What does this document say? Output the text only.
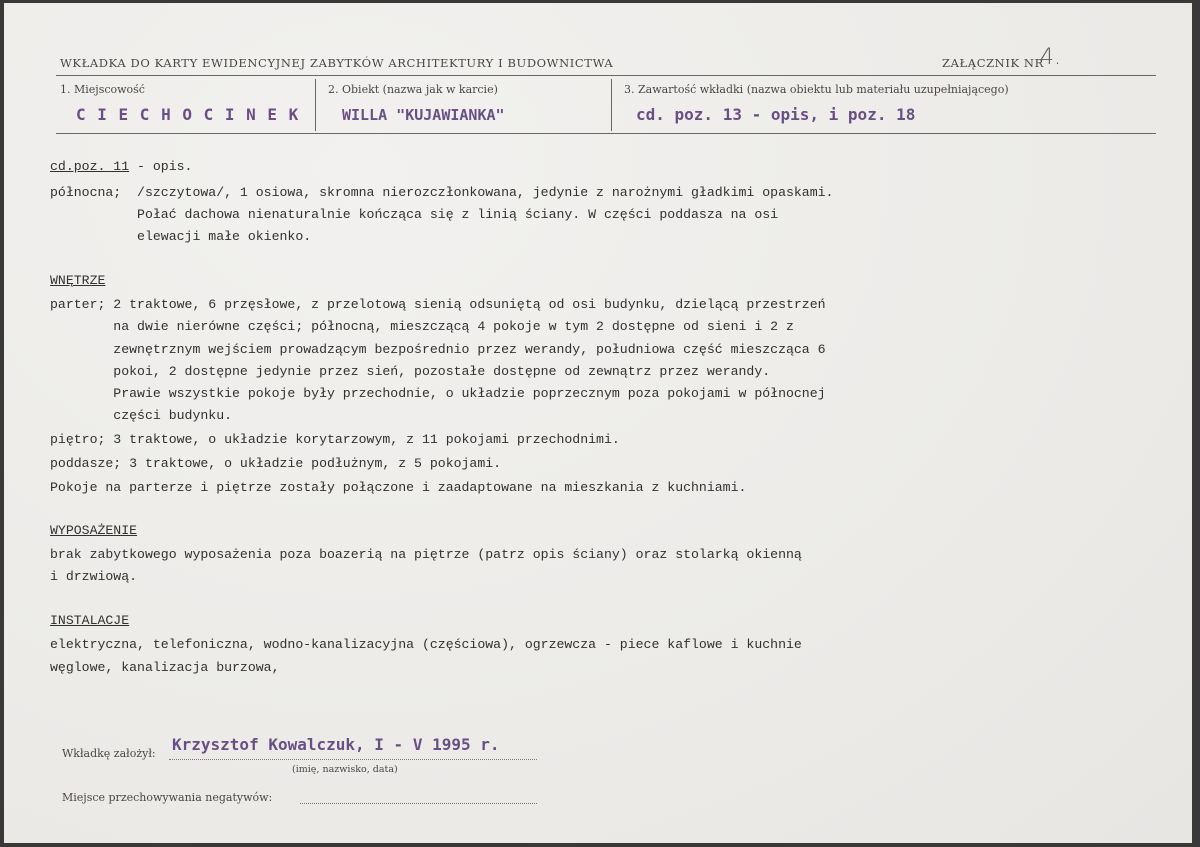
WKŁADKA DO KARTY EWIDENCYJNEJ ZABYTKÓW ARCHITEKTURY I BUDOWNICTWA	ZAŁĄCZNIK NR
4.
1. Miejscowość
C I E C H O C I N E K
2. Obiekt (nazwa jak w karcie)
WILLA "KUJAWIANKA"
3. Zawartość wkładki (nazwa obiektu lub materiału uzupełniającego)
cd. poz. 13 - opis, i poz. 18
cd.poz. 11 - opis.
północna;  /szczytowa/, 1 osiowa, skromna nierozczłonkowana, jedynie z narożnymi gładkimi opaskami.
Połać dachowa nienaturalnie kończąca się z linią ściany. W części poddasza na osi
elewacji małe okienko.
WNĘTRZE
parter; 2 traktowe, 6 przęsłowe, z przelotową sienią odsuniętą od osi budynku, dzielącą przestrzeń
na dwie nierówne części; północną, mieszczącą 4 pokoje w tym 2 dostępne od sieni i 2 z
zewnętrznym wejściem prowadzącym bezpośrednio przez werandy, południowa część mieszcząca 6
pokoi, 2 dostępne jedynie przez sień, pozostałe dostępne od zewnątrz przez werandy.
Prawie wszystkie pokoje były przechodnie, o układzie poprzecznym poza pokojami w północnej
części budynku.
piętro; 3 traktowe, o układzie korytarzowym, z 11 pokojami przechodnimi.
poddasze; 3 traktowe, o układzie podłużnym, z 5 pokojami.
Pokoje na parterze i piętrze zostały połączone i zaadaptowane na mieszkania z kuchniami.
WYPOSAŻENIE
brak zabytkowego wyposażenia poza boazerią na piętrze (patrz opis ściany) oraz stolarką okienną
i drzwiową.
INSTALACJE
elektryczna, telefoniczna, wodno-kanalizacyjna (częściowa), ogrzewcza - piece kaflowe i kuchnie
węglowe, kanalizacja burzowa,
Wkładkę założył: Krzysztof Kowalczuk, I - V 1995 r.
(imię, nazwisko, data)
Miejsce przechowywania negatywów:
